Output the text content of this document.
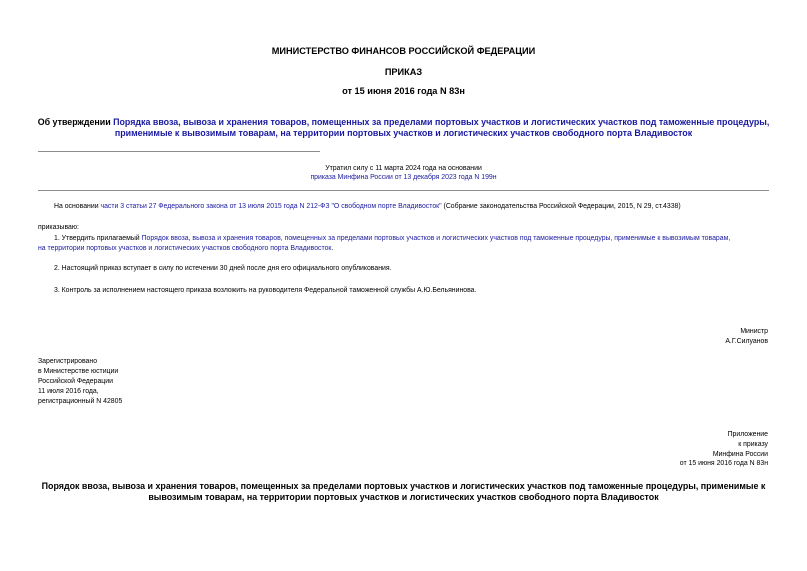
МИНИСТЕРСТВО ФИНАНСОВ РОССИЙСКОЙ ФЕДЕРАЦИИ
ПРИКАЗ
от 15 июня 2016 года N 83н
Об утверждении Порядка ввоза, вывоза и хранения товаров, помещенных за пределами портовых участков и логистических участков под таможенные процедуры,
применимые к вывозимым товарам, на территории портовых участков и логистических участков свободного порта Владивосток
Утратил силу с 11 марта 2024 года на основании
приказа Минфина России от 13 декабря 2023 года N 199н
На основании части 3 статьи 27 Федерального закона от 13 июля 2015 года N 212-ФЗ "О свободном порте Владивосток" (Собрание законодательства Российской Федерации, 2015, N 29, ст.4338)
приказываю:
1. Утвердить прилагаемый Порядок ввоза, вывоза и хранения товаров, помещенных за пределами портовых участков и логистических участков под таможенные процедуры, применимые к вывозимым товарам,
на территории портовых участков и логистических участков свободного порта Владивосток.
2. Настоящий приказ вступает в силу по истечении 30 дней после дня его официального опубликования.
3. Контроль за исполнением настоящего приказа возложить на руководителя Федеральной таможенной службы А.Ю.Бельянинова.
Министр
А.Г.Силуанов
Зарегистрировано
в Министерстве юстиции
Российской Федерации
11 июля 2016 года,
регистрационный N 42805
Приложение
к приказу
Минфина России
от 15 июня 2016 года N 83н
Порядок ввоза, вывоза и хранения товаров, помещенных за пределами портовых участков и логистических участков под таможенные процедуры, применимые к
вывозимым товарам, на территории портовых участков и логистических участков свободного порта Владивосток
